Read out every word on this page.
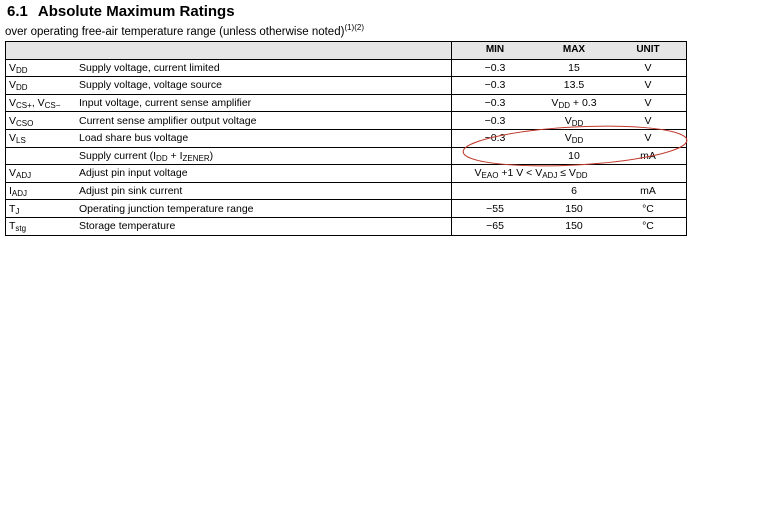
6.1 Absolute Maximum Ratings
over operating free-air temperature range (unless otherwise noted)$^{(1)(2)}$
		MIN	MAX	UNIT
$V_{DD}$	Supply voltage, current limited	−0.3	15	V
$V_{DD}$	Supply voltage, voltage source	−0.3	13.5	V
$V_{CS+}$, $V_{CS-}$	Input voltage, current sense amplifier	−0.3	$V_{DD} + 0.3$	V
$V_{CSO}$	Current sense amplifier output voltage	−0.3	$V_{DD}$	V
$V_{LS}$	Load share bus voltage	−0.3	$V_{DD}$	V
	Supply current $(I_{DD} + I_{ZENER})$		10	mA
$V_{ADJ}$	Adjust pin input voltage	$V_{EAO} +1$ $V < V_{ADJ} \le V_{DD}$	
$I_{ADJ}$	Adjust pin sink current		6	mA
$T_J$	Operating junction temperature range	−55	150	°C
$T_{stg}$	Storage temperature	−65	150	°C
